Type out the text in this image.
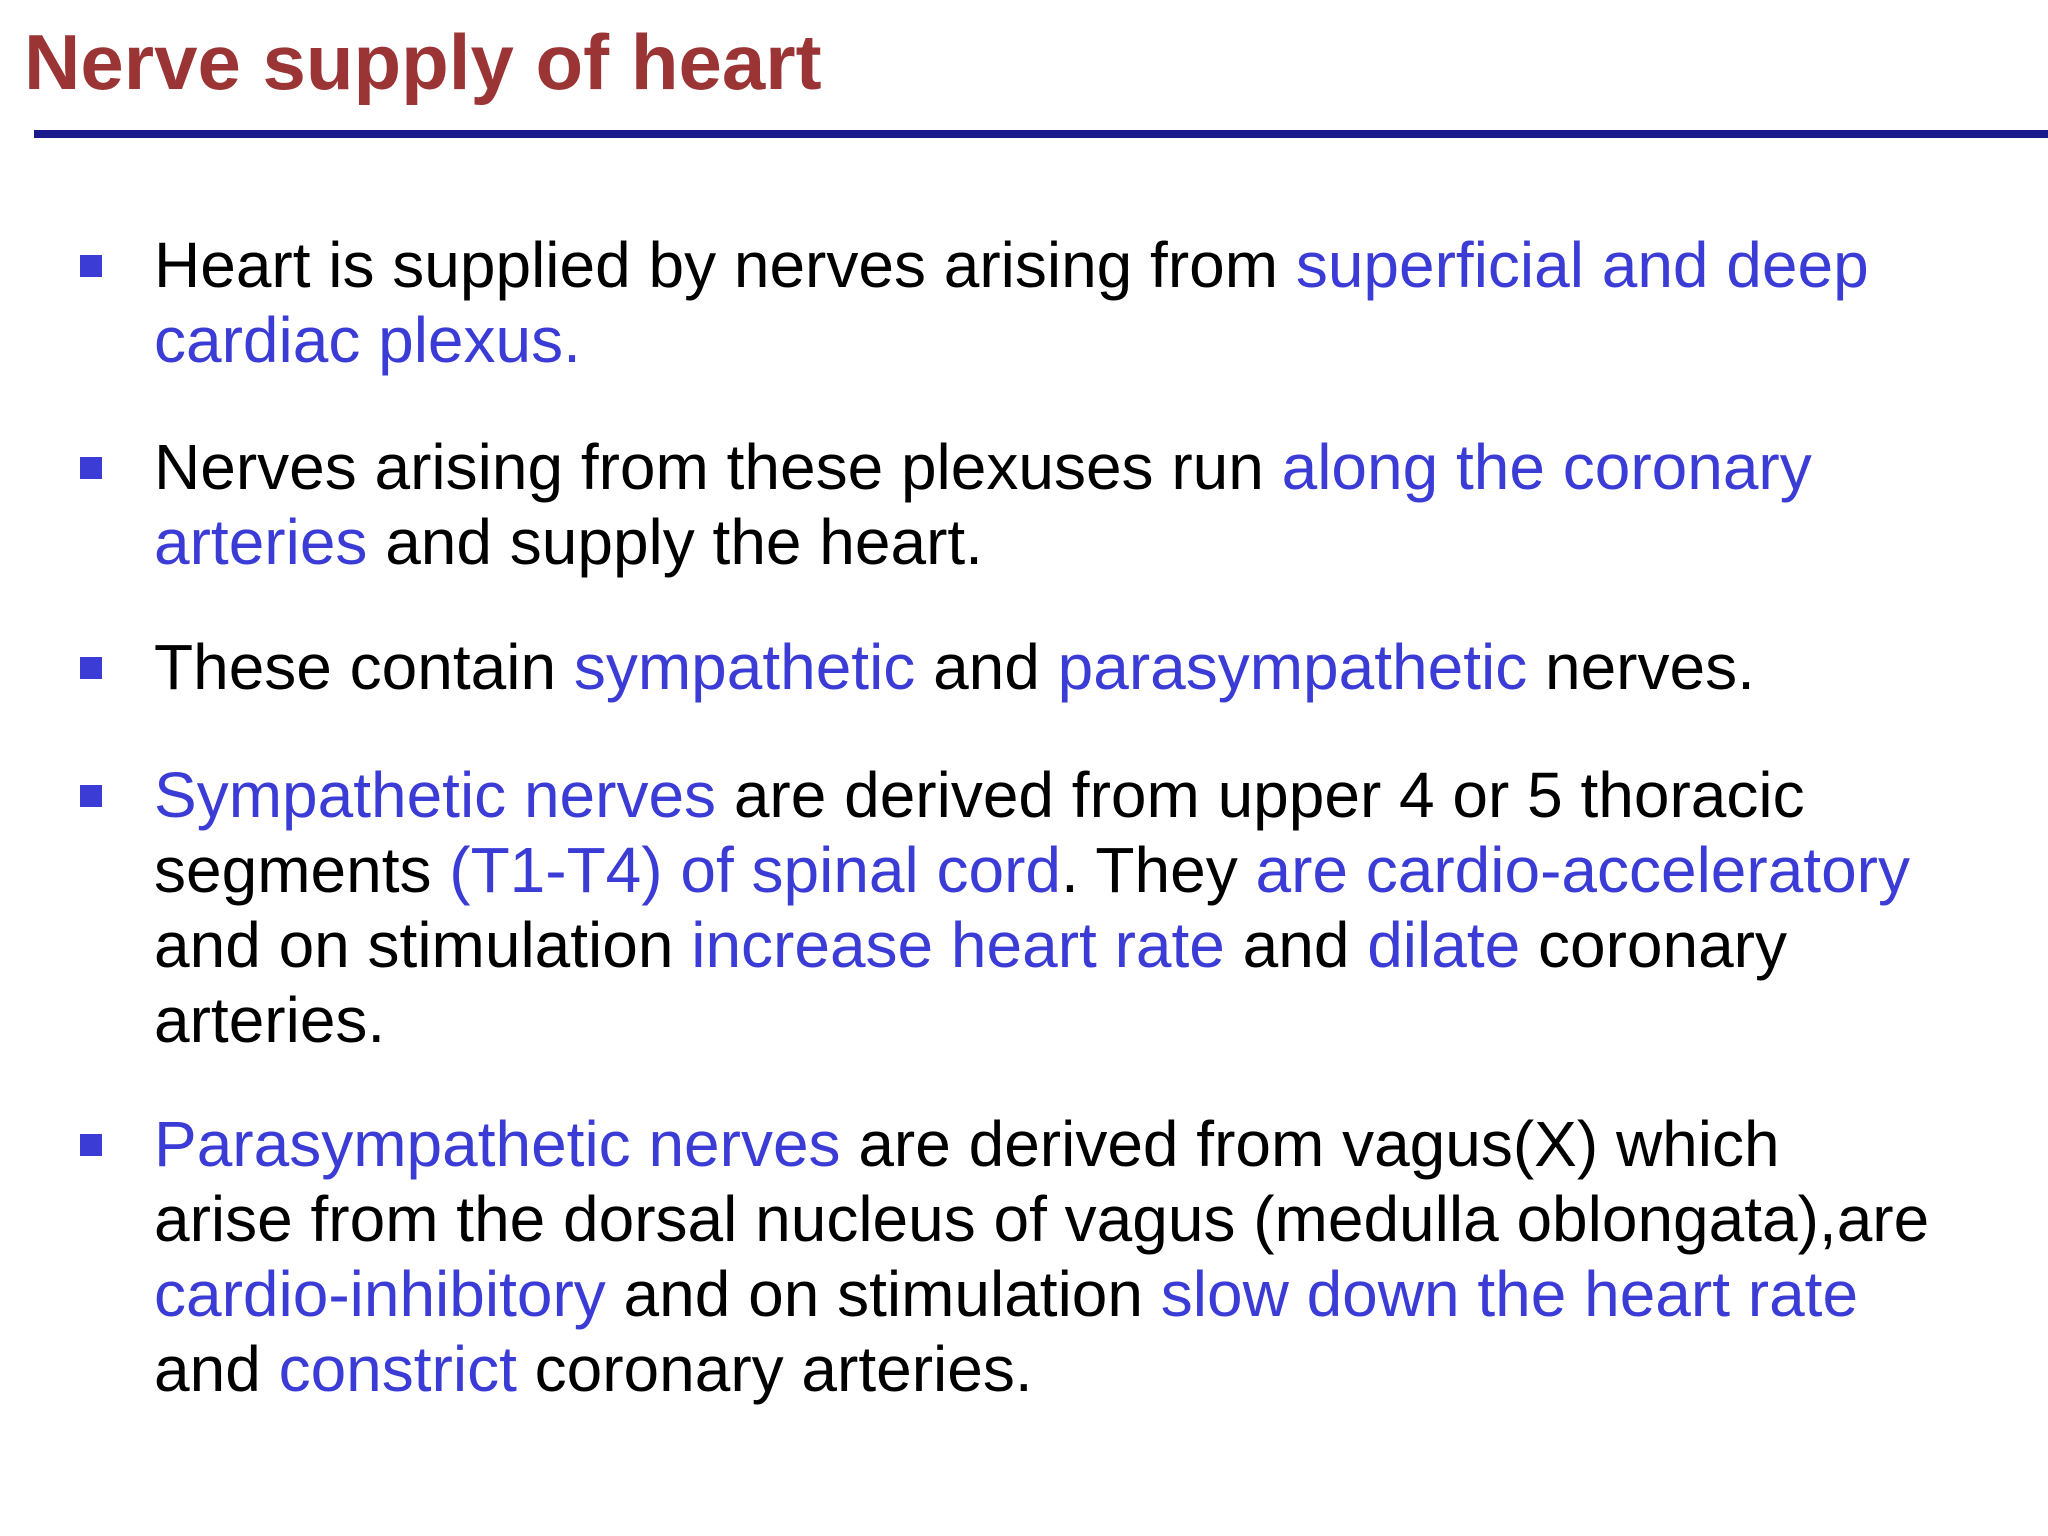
Nerve supply of heart

Heart is supplied by nerves arising from superficial and deep cardiac plexus.

Nerves arising from these plexuses run along the coronary arteries and supply the heart.

These contain sympathetic and parasympathetic nerves.

Sympathetic nerves are derived from upper 4 or 5 thoracic segments (T1-T4) of spinal cord. They are cardio-acceleratory and on stimulation increase heart rate and dilate coronary arteries.

Parasympathetic nerves are derived from vagus(X) which arise from the dorsal nucleus of vagus (medulla oblongata),are cardio-inhibitory and on stimulation slow down the heart rate and constrict coronary arteries.
